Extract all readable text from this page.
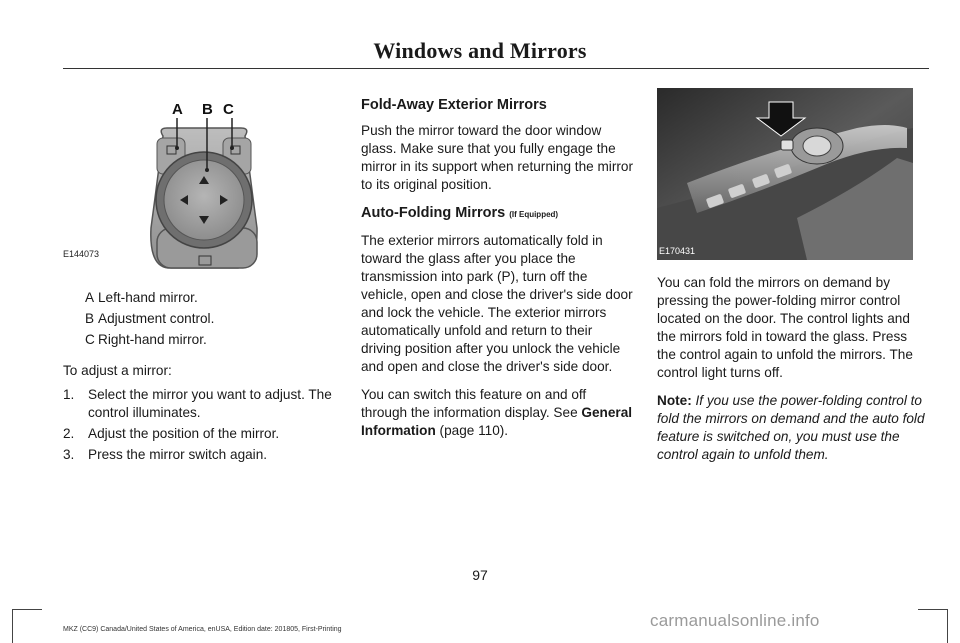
Windows and Mirrors
A B C
E144073
A Left-hand mirror.
B Adjustment control.
C Right-hand mirror.

To adjust a mirror:

1.	Select the mirror you want to adjust. The control illuminates.
2.	Adjust the position of the mirror.
3.	Press the mirror switch again.
Fold-Away Exterior Mirrors

Push the mirror toward the door window glass. Make sure that you fully engage the mirror in its support when returning the mirror to its original position.

Auto-Folding Mirrors (If Equipped)

The exterior mirrors automatically fold in toward the glass after you place the transmission into park (P), turn off the vehicle, open and close the driver's side door and lock the vehicle. The exterior mirrors automatically unfold and return to their driving position after you unlock the vehicle and open and close the driver's side door.

You can switch this feature on and off through the information display. See General Information (page 110).

E170431

You can fold the mirrors on demand by pressing the power-folding mirror control located on the door. The control lights and the mirrors fold in toward the glass. Press the control again to unfold the mirrors. The control light turns off.

Note: If you use the power-folding control to fold the mirrors on demand and the auto fold feature is switched on, you must use the control again to unfold them.

97
carmanualsonline.info
MKZ (CC9) Canada/United States of America, enUSA, Edition date: 201805, First-Printing
